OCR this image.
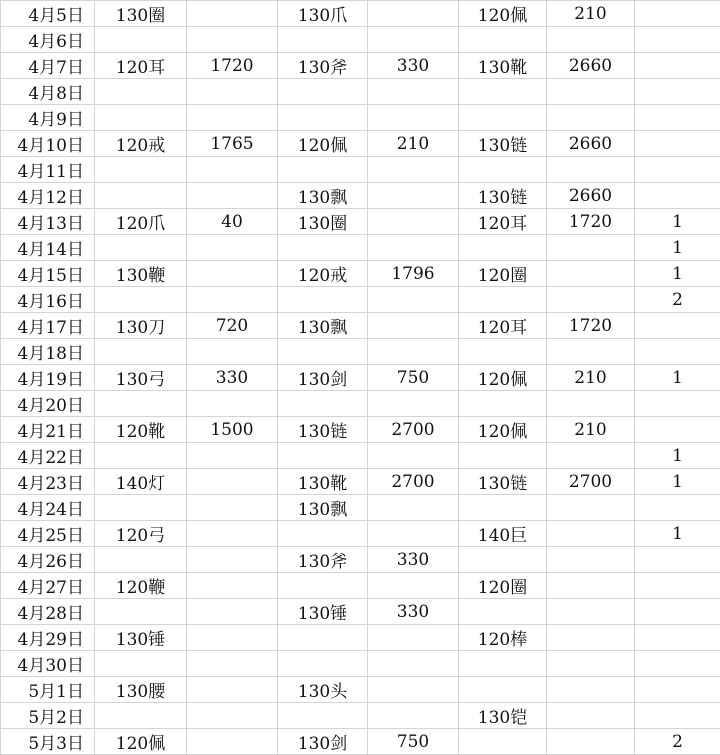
4月5日	130圈		130爪		120佩	210	
4月6日							
4月7日	120耳	1720	130斧	330	130靴	2660	
4月8日							
4月9日							
4月10日	120戒	1765	120佩	210	130链	2660	
4月11日							
4月12日			130飘		130链	2660	
4月13日	120爪	40	130圈		120耳	1720	1
4月14日							1
4月15日	130鞭		120戒	1796	120圈		1
4月16日							2
4月17日	130刀	720	130飘		120耳	1720	
4月18日							
4月19日	130弓	330	130剑	750	120佩	210	1
4月20日							
4月21日	120靴	1500	130链	2700	120佩	210	
4月22日							1
4月23日	140灯		130靴	2700	130链	2700	1
4月24日			130飘				
4月25日	120弓				140巨		1
4月26日			130斧	330			
4月27日	120鞭				120圈		
4月28日			130锤	330			
4月29日	130锤				120棒		
4月30日							
5月1日	130腰		130头				
5月2日					130铠		
5月3日	120佩		130剑	750			2
